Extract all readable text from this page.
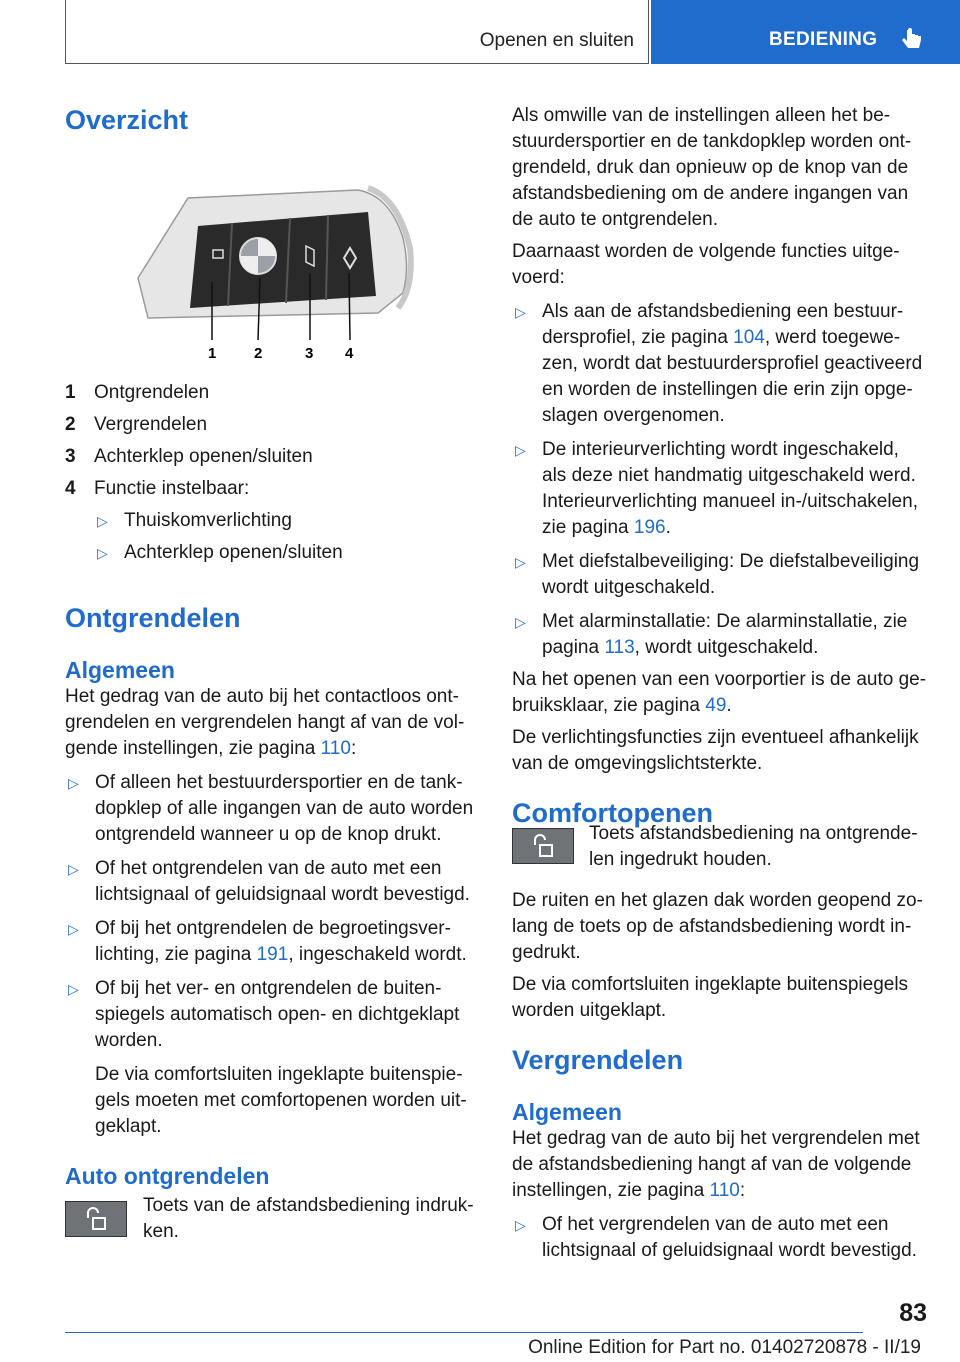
Openen en sluiten	BEDIENING

Overzicht

1	2	3 4
1 Ontgrendelen
2 Vergrendelen
3 Achterklep openen/sluiten
4 Functie instelbaar:
▷ Thuiskomverlichting
▷ Achterklep openen/sluiten

Ontgrendelen

Algemeen

Het gedrag van de auto bij het contactloos ont-
grendelen en vergrendelen hangt af van de vol-
gende instellingen, zie pagina 110:

▷ Of alleen het bestuurdersportier en de tank-
dopklep of alle ingangen van de auto worden
ontgrendeld wanneer u op de knop drukt.
▷ Of het ontgrendelen van de auto met een
lichtsignaal of geluidsignaal wordt bevestigd.
▷ Of bij het ontgrendelen de begroetingsver-
lichting, zie pagina 191, ingeschakeld wordt.
▷ Of bij het ver- en ontgrendelen de buiten-
spiegels automatisch open- en dichtgeklapt
worden.
De via comfortsluiten ingeklapte buitenspie-
gels moeten met comfortopenen worden uit-
geklapt.

Auto ontgrendelen

Toets van de afstandsbediening indruk-
ken.

Als omwille van de instellingen alleen het be-
stuurdersportier en de tankdopklep worden ont-
grendeld, druk dan opnieuw op de knop van de
afstandsbediening om de andere ingangen van
de auto te ontgrendelen.

Daarnaast worden de volgende functies uitge-
voerd:

▷ Als aan de afstandsbediening een bestuur-
dersprofiel, zie pagina 104, werd toegewe-
zen, wordt dat bestuurdersprofiel geactiveerd
en worden de instellingen die erin zijn opge-
slagen overgenomen.
▷ De interieurverlichting wordt ingeschakeld,
als deze niet handmatig uitgeschakeld werd.
Interieurverlichting manueel in-/uitschakelen,
zie pagina 196.
▷ Met diefstalbeveiliging: De diefstalbeveiliging
wordt uitgeschakeld.
▷ Met alarminstallatie: De alarminstallatie, zie
pagina 113, wordt uitgeschakeld.

Na het openen van een voorportier is de auto ge-
bruiksklaar, zie pagina 49.

De verlichtingsfuncties zijn eventueel afhankelijk
van de omgevingslichtsterkte.

Comfortopenen

Toets afstandsbediening na ontgrende-
len ingedrukt houden.

De ruiten en het glazen dak worden geopend zo-
lang de toets op de afstandsbediening wordt in-
gedrukt.

De via comfortsluiten ingeklapte buitenspiegels
worden uitgeklapt.

Vergrendelen

Algemeen

Het gedrag van de auto bij het vergrendelen met
de afstandsbediening hangt af van de volgende
instellingen, zie pagina 110:

▷ Of het vergrendelen van de auto met een
lichtsignaal of geluidsignaal wordt bevestigd.
83
Online Edition for Part no. 01402720878 - II/19
